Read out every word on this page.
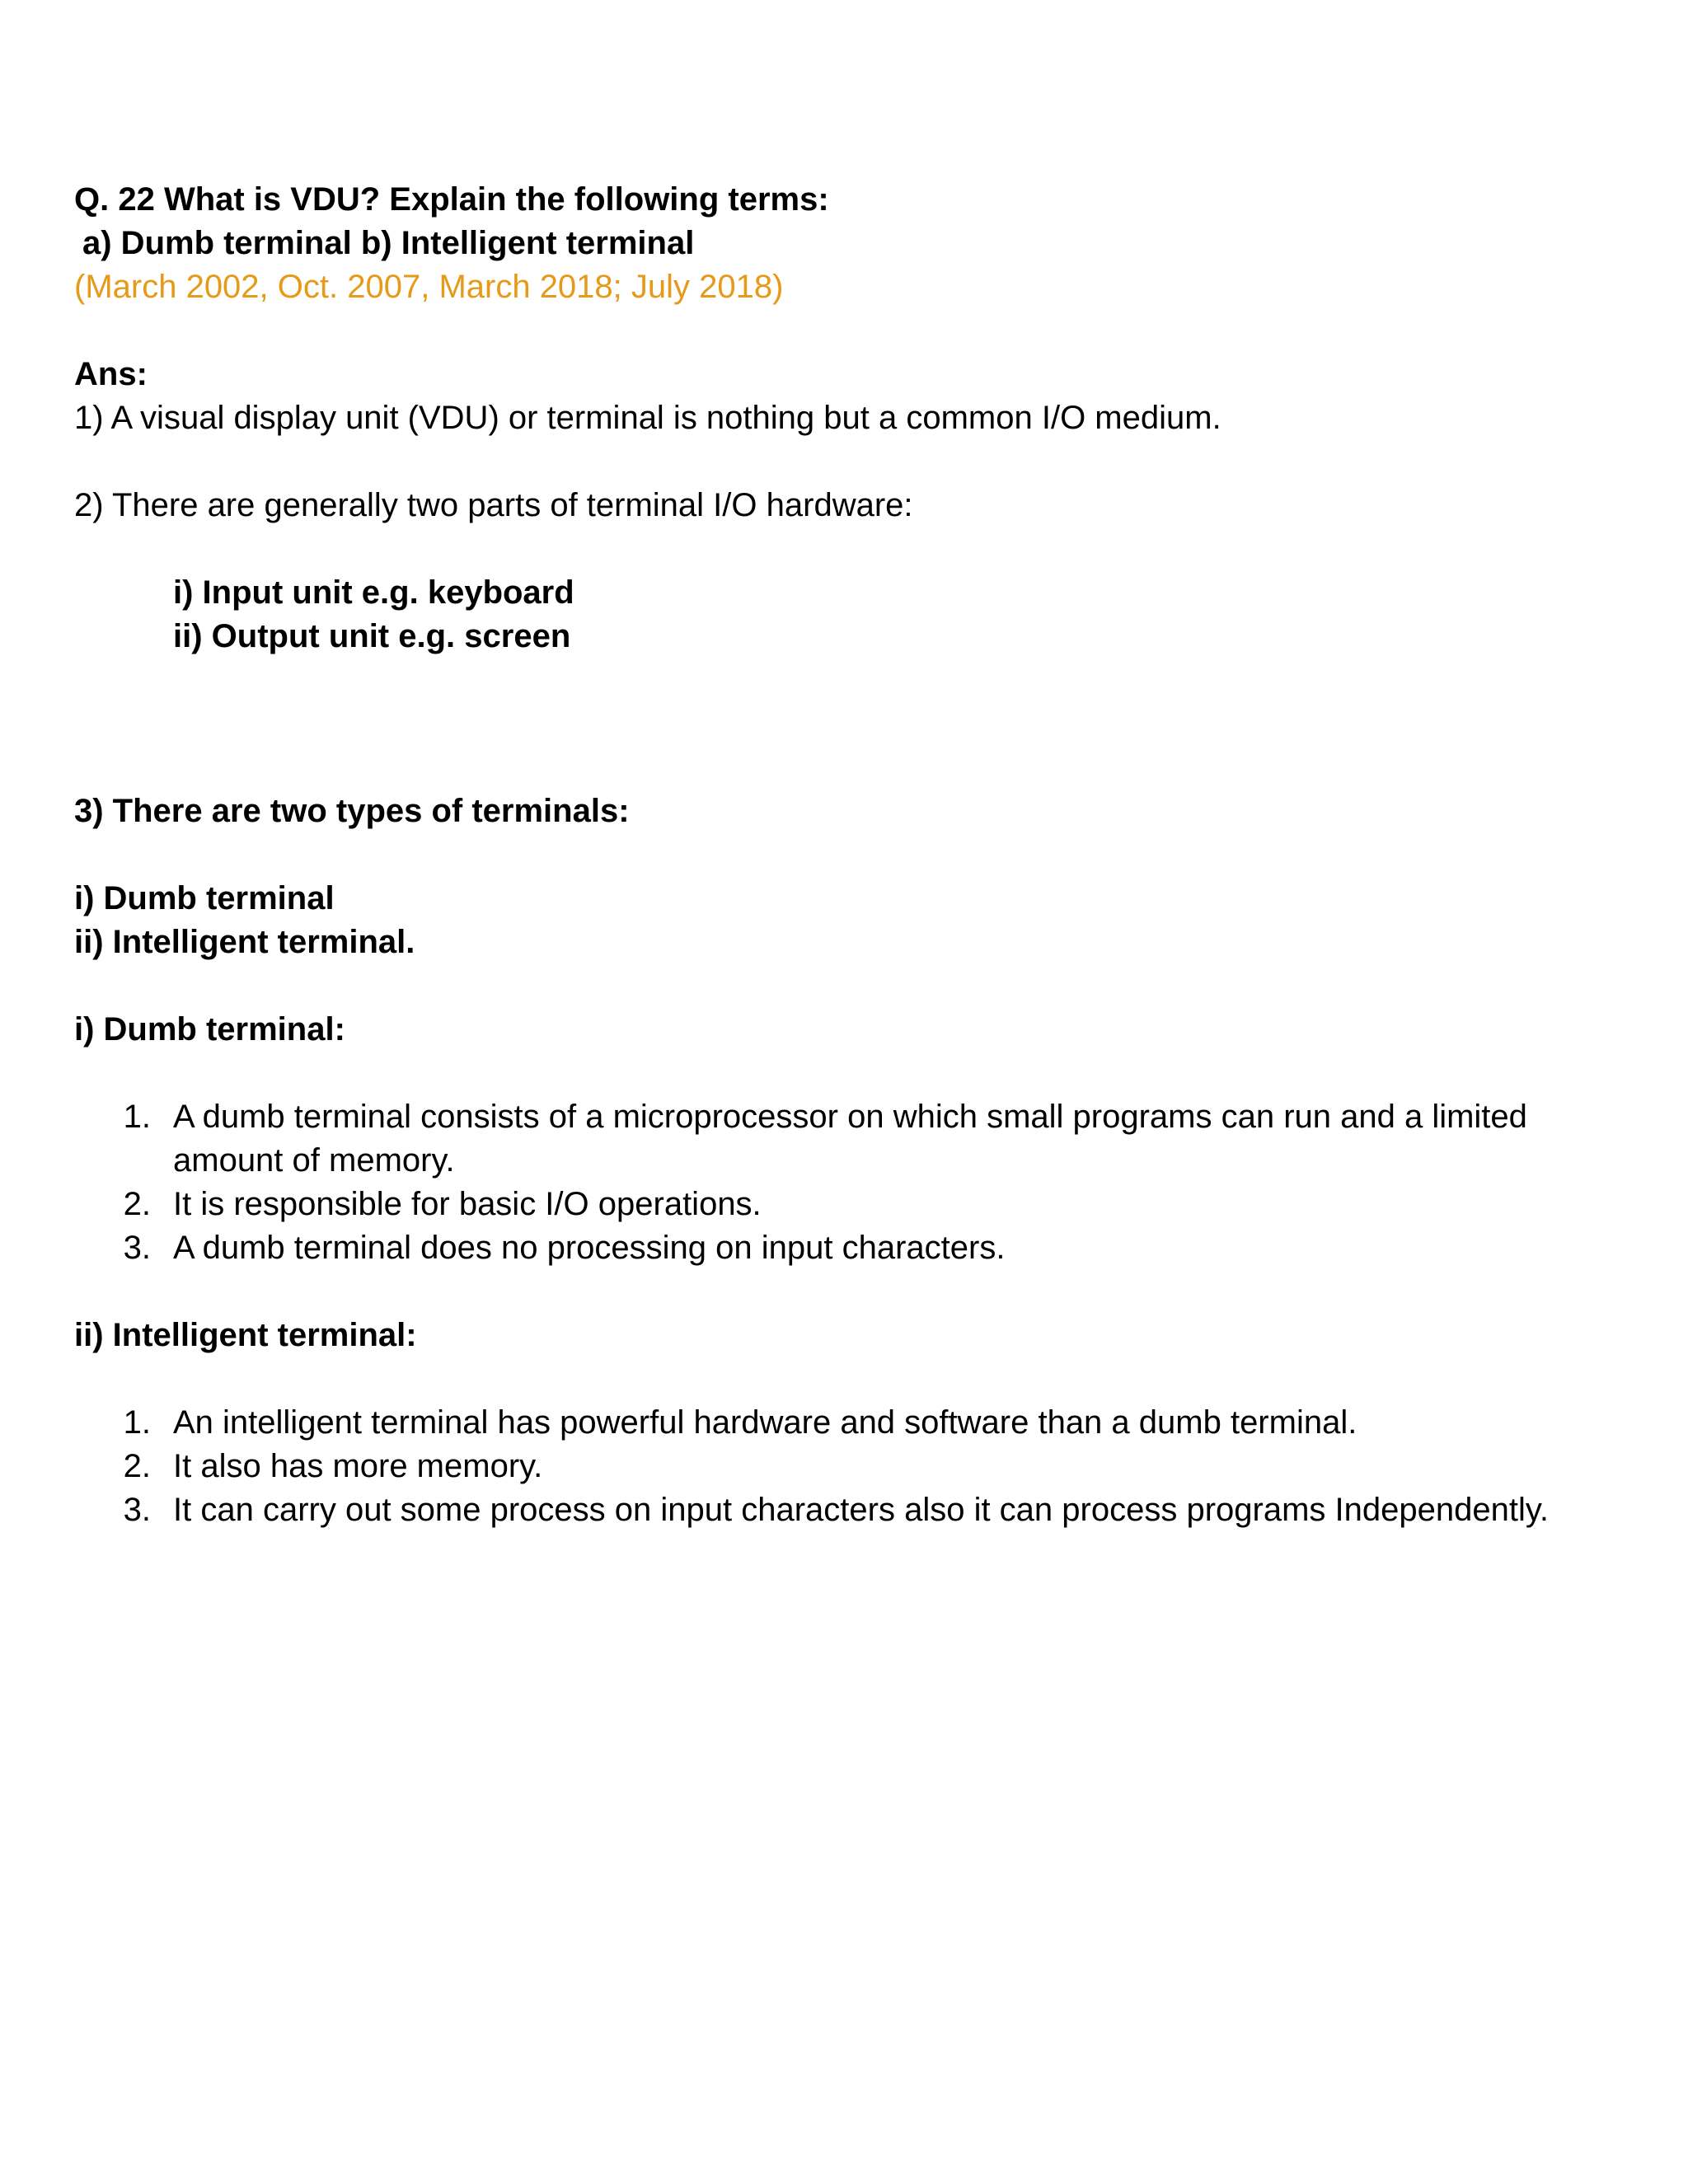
Q. 22 What is VDU? Explain the following terms:
a) Dumb terminal b) Intelligent terminal
(March 2002, Oct. 2007, March 2018; July 2018)
Ans:
1) A visual display unit (VDU) or terminal is nothing but a common I/O medium.
2) There are generally two parts of terminal I/O hardware:
i) Input unit e.g. keyboard
ii) Output unit e.g. screen
3) There are two types of terminals:
i) Dumb terminal
ii) Intelligent terminal.
i) Dumb terminal:
1. A dumb terminal consists of a microprocessor on which small programs can run and a limited amount of memory.
2. It is responsible for basic I/O operations.
3. A dumb terminal does no processing on input characters.
ii) Intelligent terminal:
1. An intelligent terminal has powerful hardware and software than a dumb terminal.
2. It also has more memory.
3. It can carry out some process on input characters also it can process programs Independently.
